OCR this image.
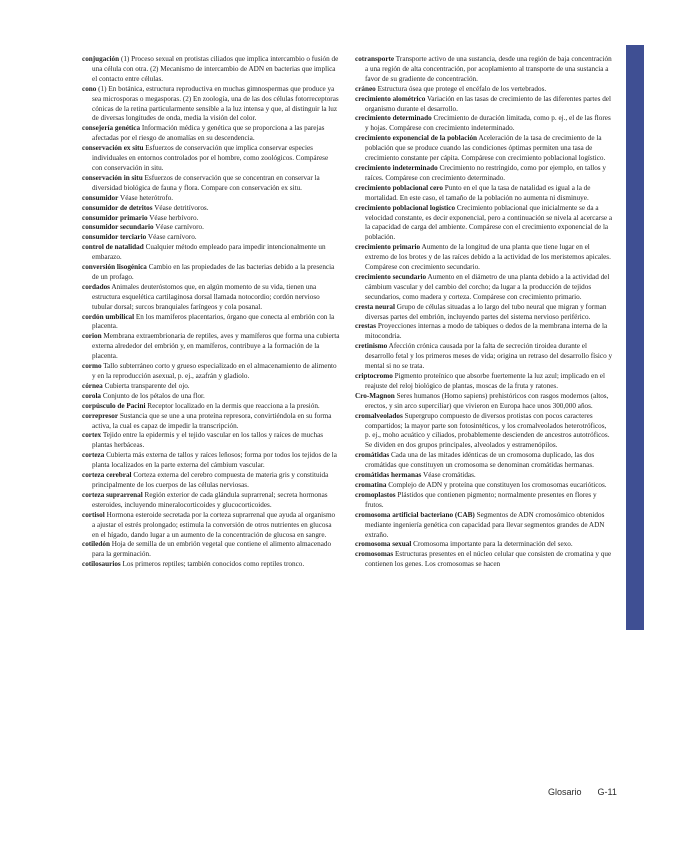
conjugación (1) Proceso sexual en protistas ciliados que implica intercambio o fusión de una célula con otra. (2) Mecanismo de intercambio de ADN en bacterias que implica el contacto entre células.

cono (1) En botánica, estructura reproductiva en muchas gimnospermas que produce ya sea microsporas o megasporas. (2) En zoología, una de las dos células fotorreceptoras cónicas de la retina particularmente sensible a la luz intensa y que, al distinguir la luz de diversas longitudes de onda, media la visión del color.

consejería genética Información médica y genética que se proporciona a las parejas afectadas por el riesgo de anomalías en su descendencia.

conservación ex situ Esfuerzos de conservación que implica conservar especies individuales en entornos controlados por el hombre, como zoológicos. Compárese con conservación in situ.

conservación in situ Esfuerzos de conservación que se concentran en conservar la diversidad biológica de fauna y flora. Compare con conservación ex situ.

consumidor Véase heterótrofo.

consumidor de detritos Véase detritívoros.

consumidor primario Véase herbívoro.

consumidor secundario Véase carnívoro.

consumidor terciario Véase carnívoro.

control de natalidad Cualquier método empleado para impedir intencionalmente un embarazo.

conversión lisogénica Cambio en las propiedades de las bacterias debido a la presencia de un profago.

cordados Animales deuteróstomos que, en algún momento de su vida, tienen una estructura esquelética cartilaginosa dorsal llamada notocordio; cordón nervioso tubular dorsal; surcos branquiales faríngeos y cola posanal.

cordón umbilical En los mamíferos placentarios, órgano que conecta al embrión con la placenta.

corion Membrana extraembrionaria de reptiles, aves y mamíferos que forma una cubierta externa alrededor del embrión y, en mamíferos, contribuye a la formación de la placenta.

cormo Tallo subterráneo corto y grueso especializado en el almacenamiento de alimento y en la reproducción asexual, p. ej., azafrán y gladiolo.

córnea Cubierta transparente del ojo.

corola Conjunto de los pétalos de una flor.

corpúsculo de Pacini Receptor localizado en la dermis que reacciona a la presión.

correpresor Sustancia que se une a una proteína represora, convirtiéndola en su forma activa, la cual es capaz de impedir la transcripción.

cortex Tejido entre la epidermis y el tejido vascular en los tallos y raíces de muchas plantas herbáceas.

corteza Cubierta más externa de tallos y raíces leñosos; forma por todos los tejidos de la planta localizados en la parte externa del cámbium vascular.

corteza cerebral Corteza externa del cerebro compuesta de materia gris y constituida principalmente de los cuerpos de las células nerviosas.

corteza suprarrenal Región exterior de cada glándula suprarrenal; secreta hormonas esteroides, incluyendo mineralocorticoides y glucocorticoides.

cortisol Hormona esteroide secretada por la corteza suprarrenal que ayuda al organismo a ajustar el estrés prolongado; estimula la conversión de otros nutrientes en glucosa en el hígado, dando lugar a un aumento de la concentración de glucosa en sangre.

cotiledón Hoja de semilla de un embrión vegetal que contiene el alimento almacenado para la germinación.

cotilosaurios Los primeros reptiles; también conocidos como reptiles tronco.

cotransporte Transporte activo de una sustancia, desde una región de baja concentración a una región de alta concentración, por acoplamiento al transporte de una sustancia a favor de su gradiente de concentración.

cráneo Estructura ósea que protege el encéfalo de los vertebrados.

crecimiento alométrico Variación en las tasas de crecimiento de las diferentes partes del organismo durante el desarrollo.

crecimiento determinado Crecimiento de duración limitada, como p. ej., el de las flores y hojas. Compárese con crecimiento indeterminado.

crecimiento exponencial de la población Aceleración de la tasa de crecimiento de la población que se produce cuando las condiciones óptimas permiten una tasa de crecimiento constante per cápita. Compárese con crecimiento poblacional logístico.

crecimiento indeterminado Crecimiento no restringido, como por ejemplo, en tallos y raíces. Compárese con crecimiento determinado.

crecimiento poblacional cero Punto en el que la tasa de natalidad es igual a la de mortalidad. En este caso, el tamaño de la población no aumenta ni disminuye.

crecimiento poblacional logístico Crecimiento poblacional que inicialmente se da a velocidad constante, es decir exponencial, pero a continuación se nivela al acercarse a la capacidad de carga del ambiente. Compárese con el crecimiento exponencial de la población.

crecimiento primario Aumento de la longitud de una planta que tiene lugar en el extremo de los brotes y de las raíces debido a la actividad de los meristemos apicales. Compárese con crecimiento secundario.

crecimiento secundario Aumento en el diámetro de una planta debido a la actividad del cámbium vascular y del cambio del corcho; da lugar a la producción de tejidos secundarios, como madera y corteza. Compárese con crecimiento primario.

cresta neural Grupo de células situadas a lo largo del tubo neural que migran y forman diversas partes del embrión, incluyendo partes del sistema nervioso periférico.

crestas Proyecciones internas a modo de tabiques o dedos de la membrana interna de la mitocondria.

cretinismo Afección crónica causada por la falta de secreción tiroidea durante el desarrollo fetal y los primeros meses de vida; origina un retraso del desarrollo físico y mental si no se trata.

criptocromo Pigmento proteínico que absorbe fuertemente la luz azul; implicado en el reajuste del reloj biológico de plantas, moscas de la fruta y ratones.

Cro-Magnon Seres humanos (Homo sapiens) prehistóricos con rasgos modernos (altos, erectos, y sin arco superciliar) que vivieron en Europa hace unos 300,000 años.

cromalveolados Supergrupo compuesto de diversos protistas con pocos caracteres compartidos; la mayor parte son fotosintéticos, y los cromalveolados heterotróficos, p. ej., moho acuático y ciliados, probablemente descienden de ancestros autotróficos. Se dividen en dos grupos principales, alveolados y estramenópilos.

cromátidas Cada una de las mitades idénticas de un cromosoma duplicado, las dos cromátidas que constituyen un cromosoma se denominan cromátidas hermanas.

cromátidas hermanas Véase cromátidas.

cromatina Complejo de ADN y proteína que constituyen los cromosomas eucarióticos.

cromoplastos Plástidos que contienen pigmento; normalmente presentes en flores y frutos.

cromosoma artificial bacteriano (CAB) Segmentos de ADN cromosómico obtenidos mediante ingeniería genética con capacidad para llevar segmentos grandes de ADN extraño.

cromosoma sexual Cromosoma importante para la determinación del sexo.

cromosomas Estructuras presentes en el núcleo celular que consisten de cromatina y que contienen los genes. Los cromosomas se hacen

Glosario G-11
